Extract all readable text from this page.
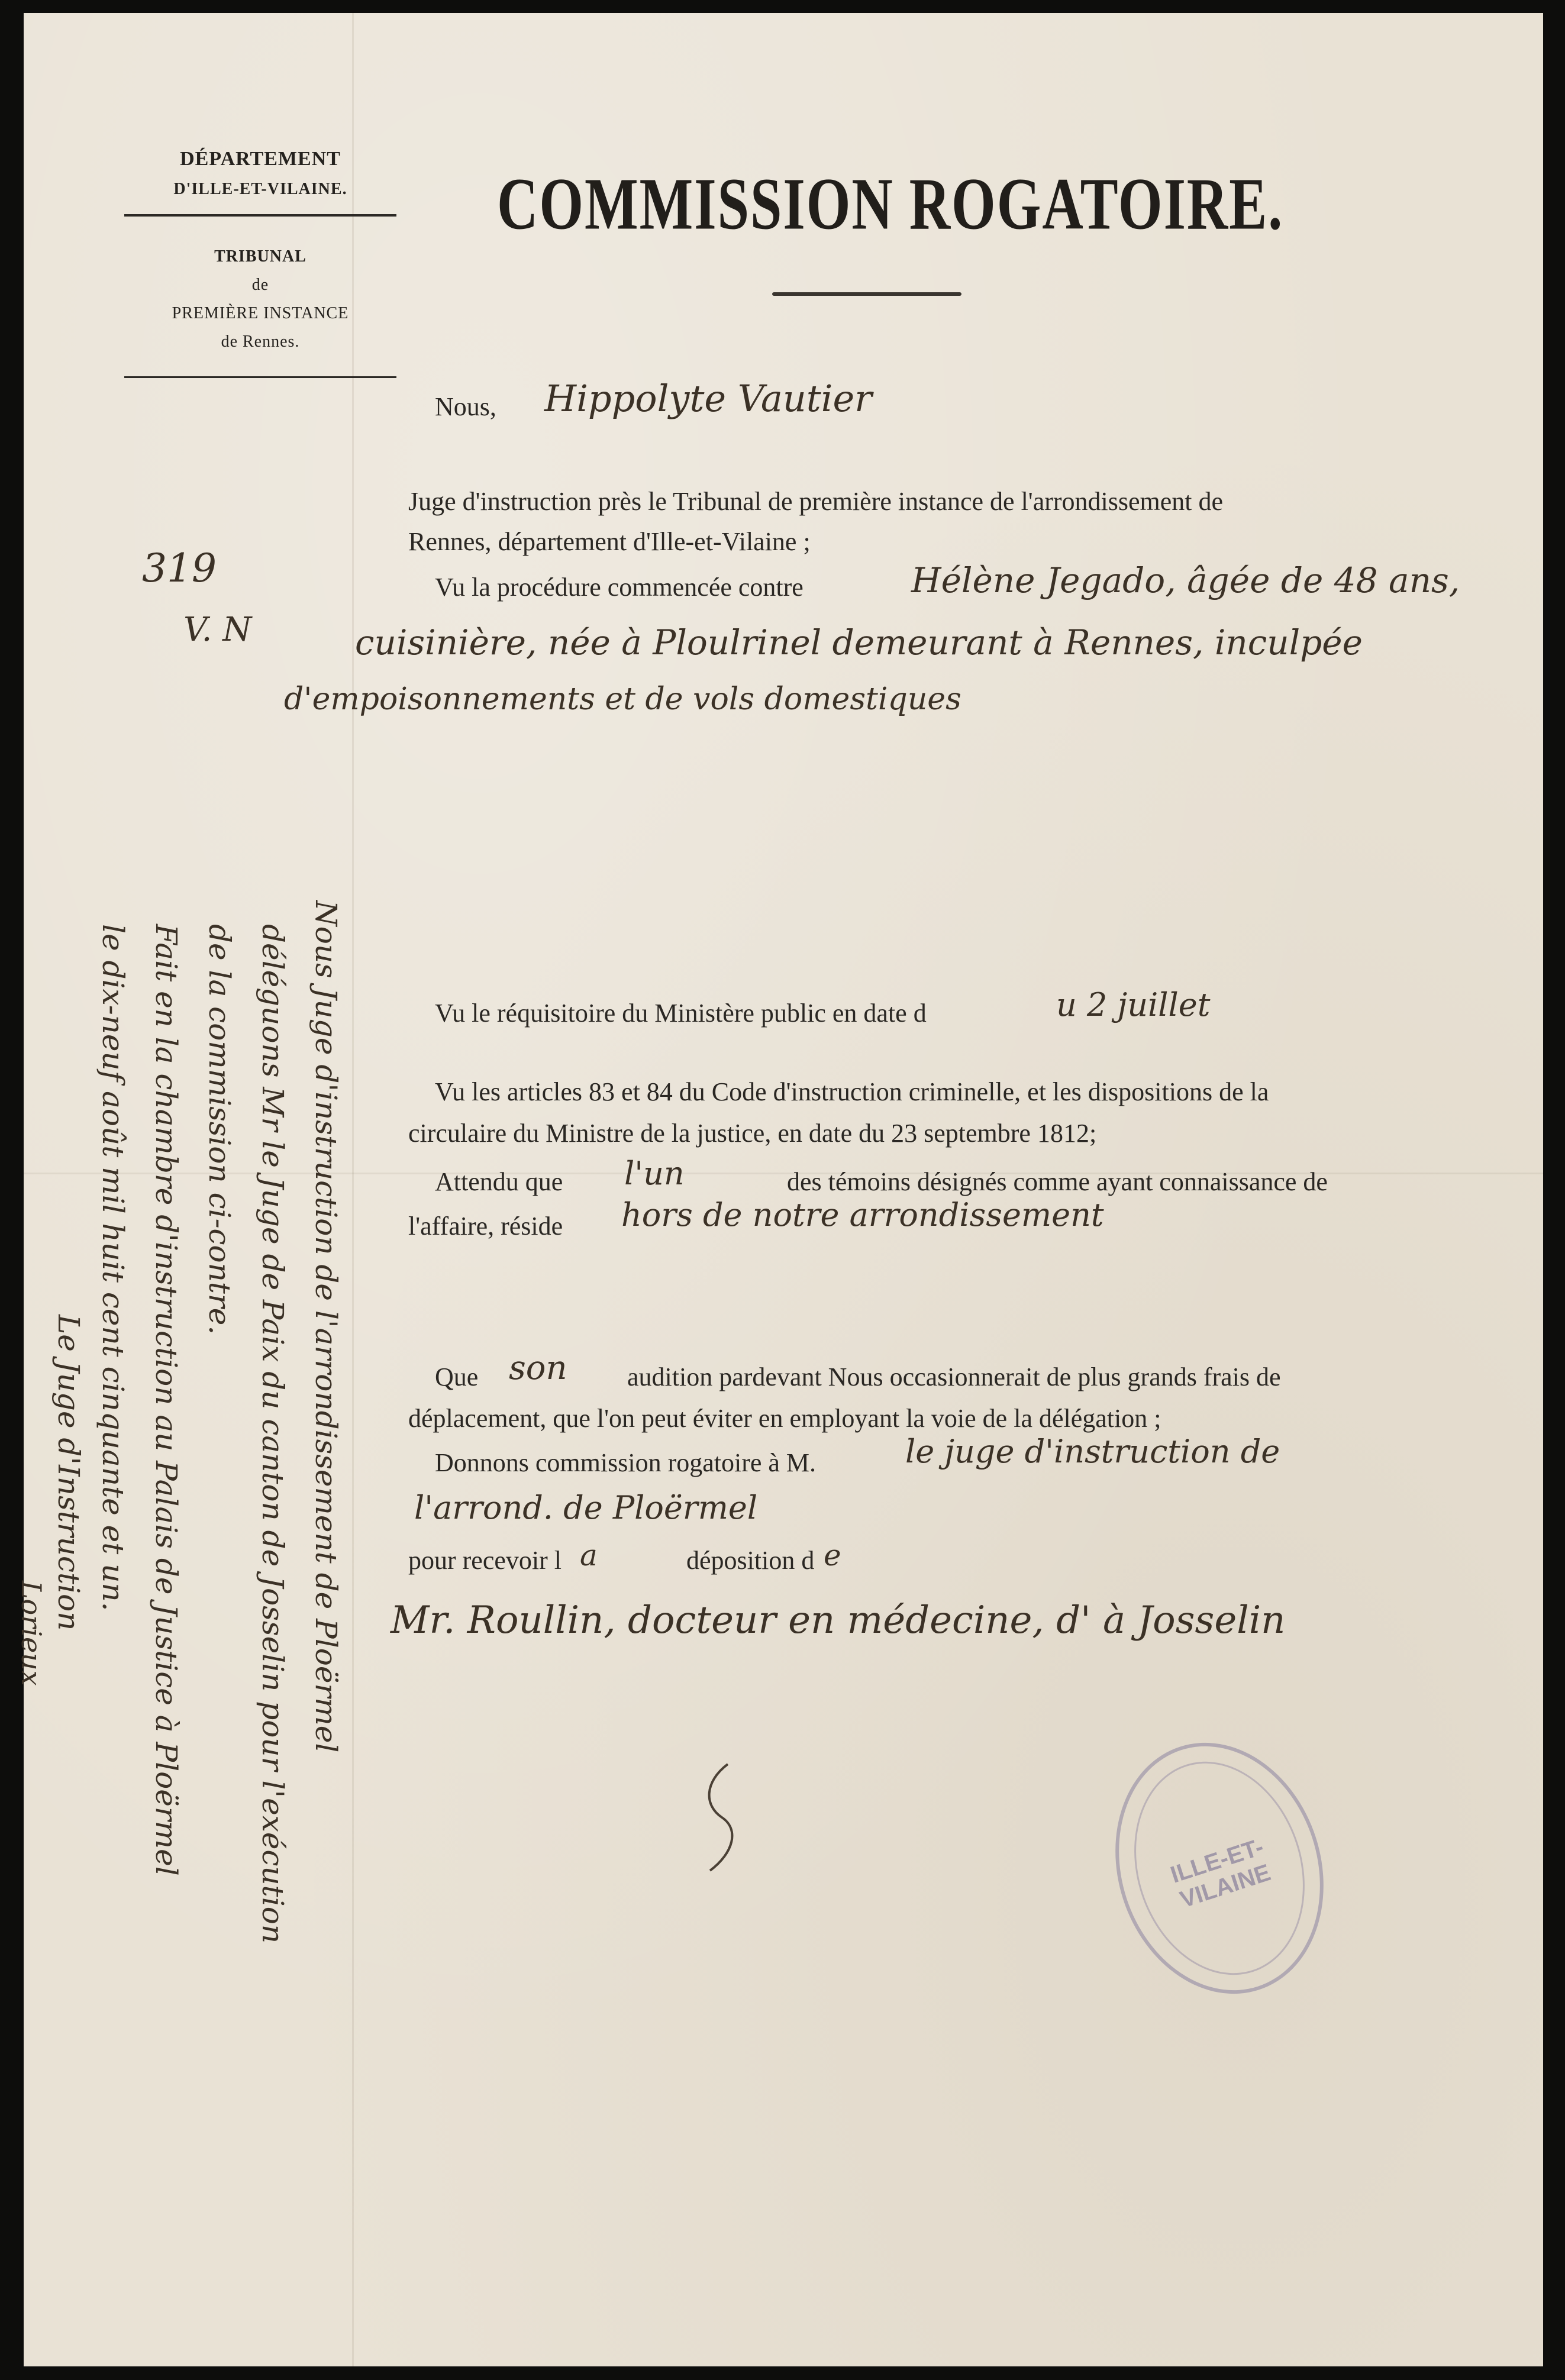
DÉPARTEMENT
D'ILLE-ET-VILAINE.
TRIBUNAL
de
PREMIÈRE INSTANCE
de Rennes.
COMMISSION ROGATOIRE.
Nous, Hippolyte Vautier
319
V. N
Juge d'instruction près le Tribunal de première instance de l'arrondissement de
Rennes, département d'Ille-et-Vilaine ;
Vu la procédure commencée contre	Hélène Jegado, âgée de 48 ans,
cuisinière, née à Ploulrinel demeurant à Rennes, inculpée
d'empoisonnements et de vols domestiques
Vu le réquisitoire du Ministère public en date d	u 2 juillet
Vu les articles 83 et 84 du Code d'instruction criminelle, et les dispositions de la
circulaire du Ministre de la justice, en date du 23 septembre 1812;
Attendu que l'un	des témoins désignés comme ayant connaissance de
l'affaire, réside hors de notre arrondissement
Que son audition pardevant Nous occasionnerait de plus grands frais de
déplacement, que l'on peut éviter en employant la voie de la délégation ;
Donnons commission rogatoire à M.	le juge d'instruction de
l'arrond. de Ploërmel
pour recevoir l a	déposition d e
Mr. Roullin, docteur en médecine, d' à Josselin
ILLE-ET-VILAINE
Nous Juge d'instruction de l'arrondissement de Ploërmel
déléguons Mr le Juge de Paix du canton de Josselin pour l'exécution
de la commission ci-contre.
Fait en la chambre d'instruction au Palais de Justice à Ploërmel
le dix-neuf août mil huit cent cinquante et un.
Le Juge d'Instruction
Lorieux
